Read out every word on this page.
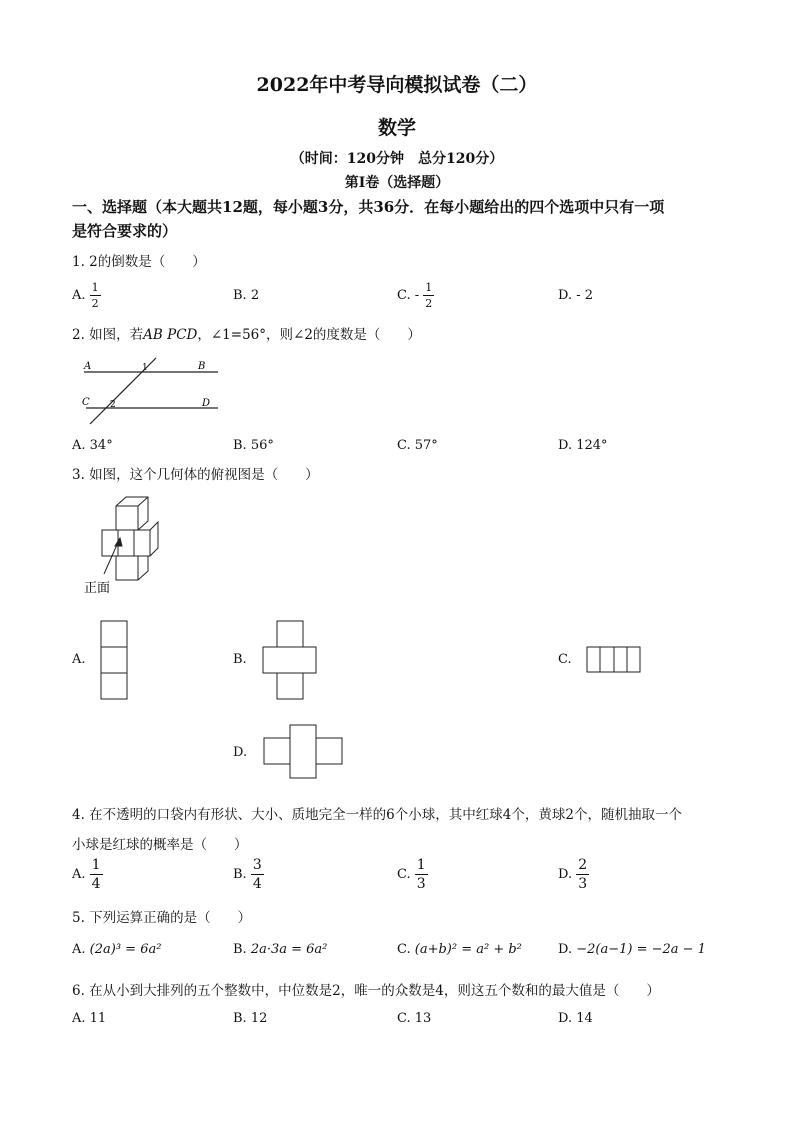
2022年中考导向模拟试卷（二）
数学
（时间：120分钟　总分120分）
第Ⅰ卷（选择题）
一、选择题（本大题共12题，每小题3分，共36分．在每小题给出的四个选项中只有一项
是符合要求的）
1. 2的倒数是（　　）
A. $\frac{1}{2}$	B. 2	C. - $\frac{1}{2}$	D. - 2
2. 如图，若AB PCD，∠1=56°，则∠2的度数是（　　）
A	B
C	D
1
2
A. 34°	B. 56°	C. 57°	D. 124°
3. 如图，这个几何体的俯视图是（　　）
正面
A.	B.	C.
D.
4. 在不透明的口袋内有形状、大小、质地完全一样的6个小球，其中红球4个，黄球2个，随机抽取一个
小球是红球的概率是（　　）
A. $\frac{1}{4}$	B. $\frac{3}{4}$	C. $\frac{1}{3}$	D. $\frac{2}{3}$
5. 下列运算正确的是（　　）
A. (2a)³ = 6a²	B. 2a·3a = 6a²	C. (a+b)² = a² + b²	D. −2(a−1) = −2a − 1
6. 在从小到大排列的五个整数中，中位数是2，唯一的众数是4，则这五个数和的最大值是（　　）
A. 11	B. 12	C. 13	D. 14
